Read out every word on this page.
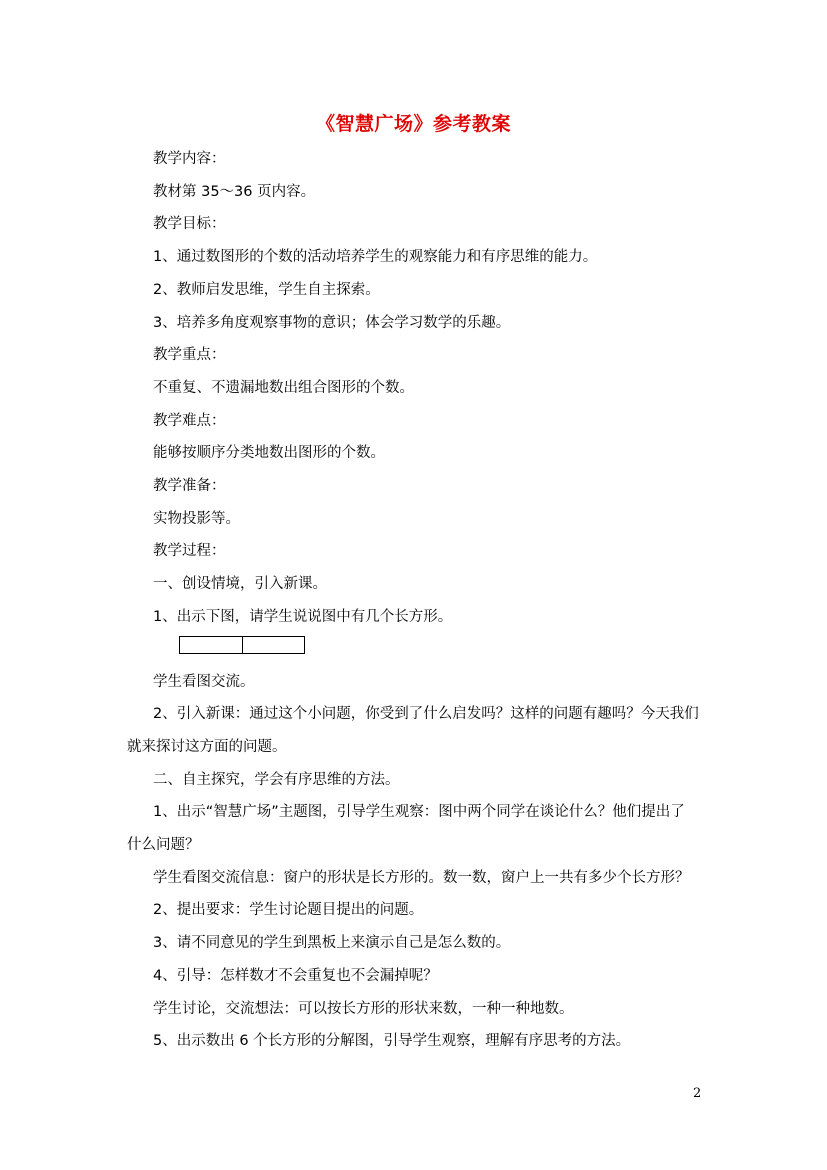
《智慧广场》参考教案

教学内容：

教材第 35～36 页内容。

教学目标：

1、通过数图形的个数的活动培养学生的观察能力和有序思维的能力。

2、教师启发思维，学生自主探索。

3、培养多角度观察事物的意识；体会学习数学的乐趣。

教学重点：

不重复、不遗漏地数出组合图形的个数。

教学难点：

能够按顺序分类地数出图形的个数。

教学准备：

实物投影等。

教学过程：

一、创设情境，引入新课。

1、出示下图，请学生说说图中有几个长方形。

学生看图交流。

2、引入新课：通过这个小问题，你受到了什么启发吗？这样的问题有趣吗？今天我们
就来探讨这方面的问题。

二、自主探究，学会有序思维的方法。

1、出示“智慧广场”主题图，引导学生观察：图中两个同学在谈论什么？他们提出了
什么问题？

学生看图交流信息：窗户的形状是长方形的。数一数，窗户上一共有多少个长方形？

2、提出要求：学生讨论题目提出的问题。

3、请不同意见的学生到黑板上来演示自己是怎么数的。

4、引导：怎样数才不会重复也不会漏掉呢？

学生讨论，交流想法：可以按长方形的形状来数，一种一种地数。

5、出示数出 6 个长方形的分解图，引导学生观察，理解有序思考的方法。

2
